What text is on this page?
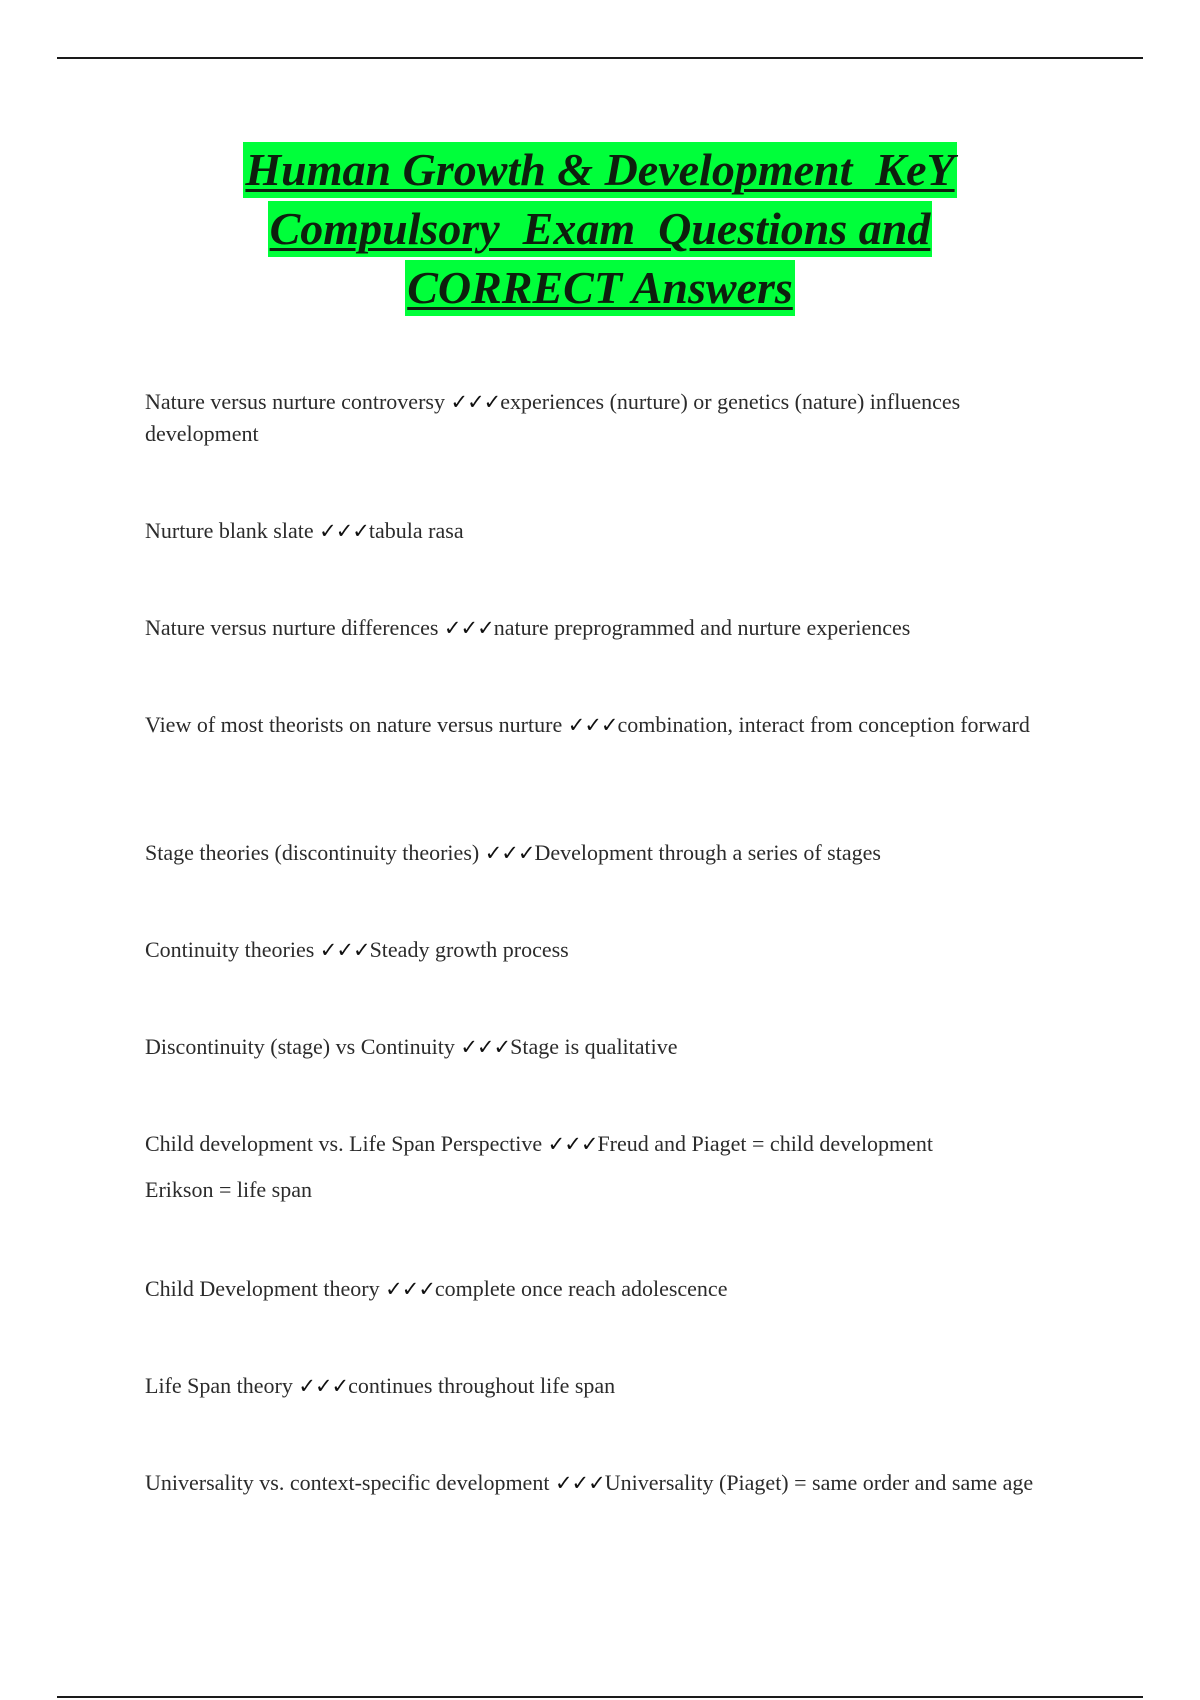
Human Growth & Development  KeY
Compulsory  Exam  Questions and
CORRECT Answers
Nature versus nurture controversy ✓✓✓experiences (nurture) or genetics (nature) influences development
Nurture blank slate ✓✓✓tabula rasa
Nature versus nurture differences ✓✓✓nature preprogrammed and nurture experiences
View of most theorists on nature versus nurture ✓✓✓combination, interact from conception forward
Stage theories (discontinuity theories) ✓✓✓Development through a series of stages
Continuity theories ✓✓✓Steady growth process
Discontinuity (stage) vs Continuity ✓✓✓Stage is qualitative
Child development vs. Life Span Perspective ✓✓✓Freud and Piaget = child development
Erikson = life span
Child Development theory ✓✓✓complete once reach adolescence
Life Span theory ✓✓✓continues throughout life span
Universality vs. context-specific development ✓✓✓Universality (Piaget) = same order and same age
